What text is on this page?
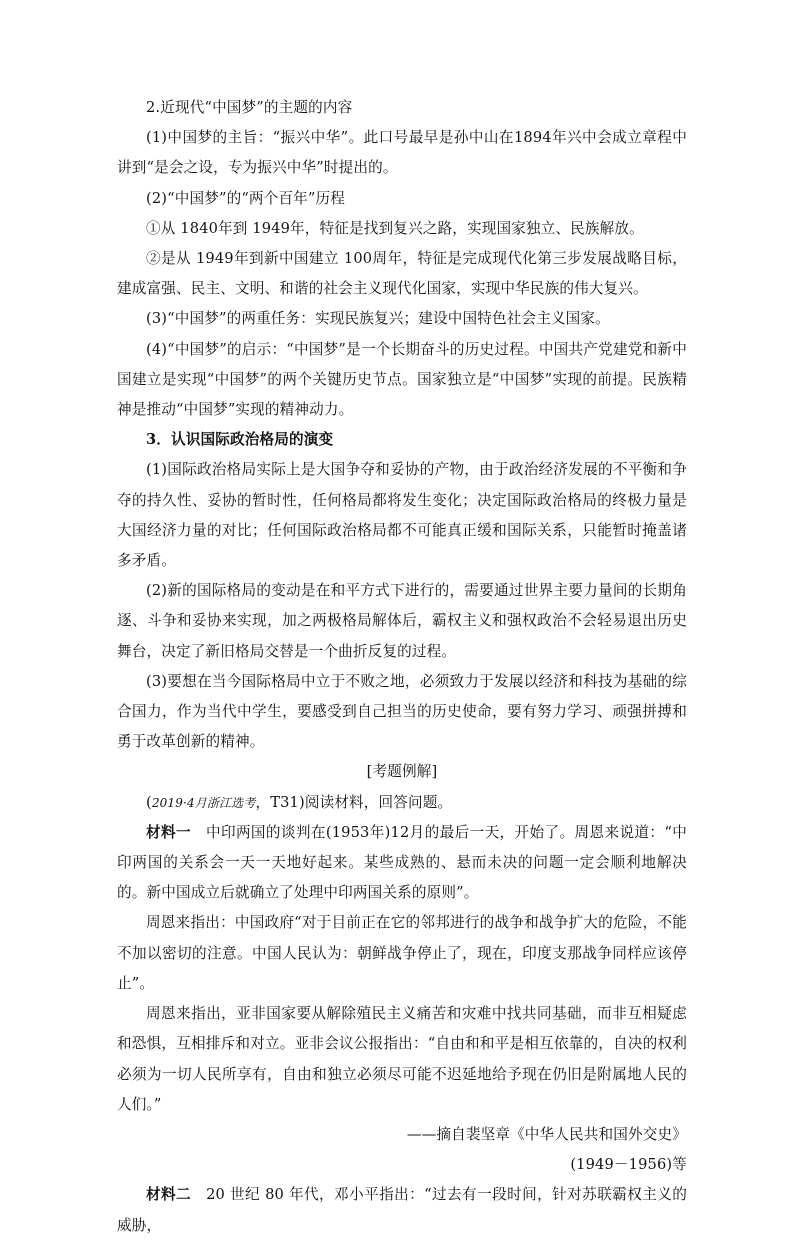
2.近现代“中国梦”的主题的内容

(1)中国梦的主旨：“振兴中华”。此口号最早是孙中山在1894年兴中会成立章程中讲到“是会之设，专为振兴中华”时提出的。

(2)“中国梦”的“两个百年”历程

①从 1840年到 1949年，特征是找到复兴之路，实现国家独立、民族解放。

②是从 1949年到新中国建立 100周年，特征是完成现代化第三步发展战略目标，建成富强、民主、文明、和谐的社会主义现代化国家，实现中华民族的伟大复兴。

(3)“中国梦”的两重任务：实现民族复兴；建设中国特色社会主义国家。

(4)“中国梦”的启示：“中国梦”是一个长期奋斗的历史过程。中国共产党建党和新中国建立是实现“中国梦”的两个关键历史节点。国家独立是“中国梦”实现的前提。民族精神是推动“中国梦”实现的精神动力。

3．认识国际政治格局的演变

(1)国际政治格局实际上是大国争夺和妥协的产物，由于政治经济发展的不平衡和争夺的持久性、妥协的暂时性，任何格局都将发生变化；决定国际政治格局的终极力量是大国经济力量的对比；任何国际政治格局都不可能真正缓和国际关系，只能暂时掩盖诸多矛盾。

(2)新的国际格局的变动是在和平方式下进行的，需要通过世界主要力量间的长期角逐、斗争和妥协来实现，加之两极格局解体后，霸权主义和强权政治不会轻易退出历史舞台，决定了新旧格局交替是一个曲折反复的过程。

(3)要想在当今国际格局中立于不败之地，必须致力于发展以经济和科技为基础的综合国力，作为当代中学生，要感受到自己担当的历史使命，要有努力学习、顽强拼搏和勇于改革创新的精神。

[考题例解]

(2019·4月浙江选考，T31)阅读材料，回答问题。

材料一　 中印两国的谈判在(1953年)12月的最后一天，开始了。周恩来说道：“中印两国的关系会一天一天地好起来。某些成熟的、悬而未决的问题一定会顺利地解决的。新中国成立后就确立了处理中印两国关系的原则”。

周恩来指出：中国政府“对于目前正在它的邻邦进行的战争和战争扩大的危险，不能不加以密切的注意。中国人民认为：朝鲜战争停止了，现在，印度支那战争同样应该停止”。

周恩来指出，亚非国家要从解除殖民主义痛苦和灾难中找共同基础，而非互相疑虑和恐惧，互相排斥和对立。亚非会议公报指出：“自由和和平是相互依靠的，自决的权利必须为一切人民所享有，自由和独立必须尽可能不迟延地给予现在仍旧是附属地人民的人们。”

——摘自裴坚章《中华人民共和国外交史》

(1949－1956)等

材料二　 20 世纪 80 年代，邓小平指出：“过去有一段时间，针对苏联霸权主义的威胁，
